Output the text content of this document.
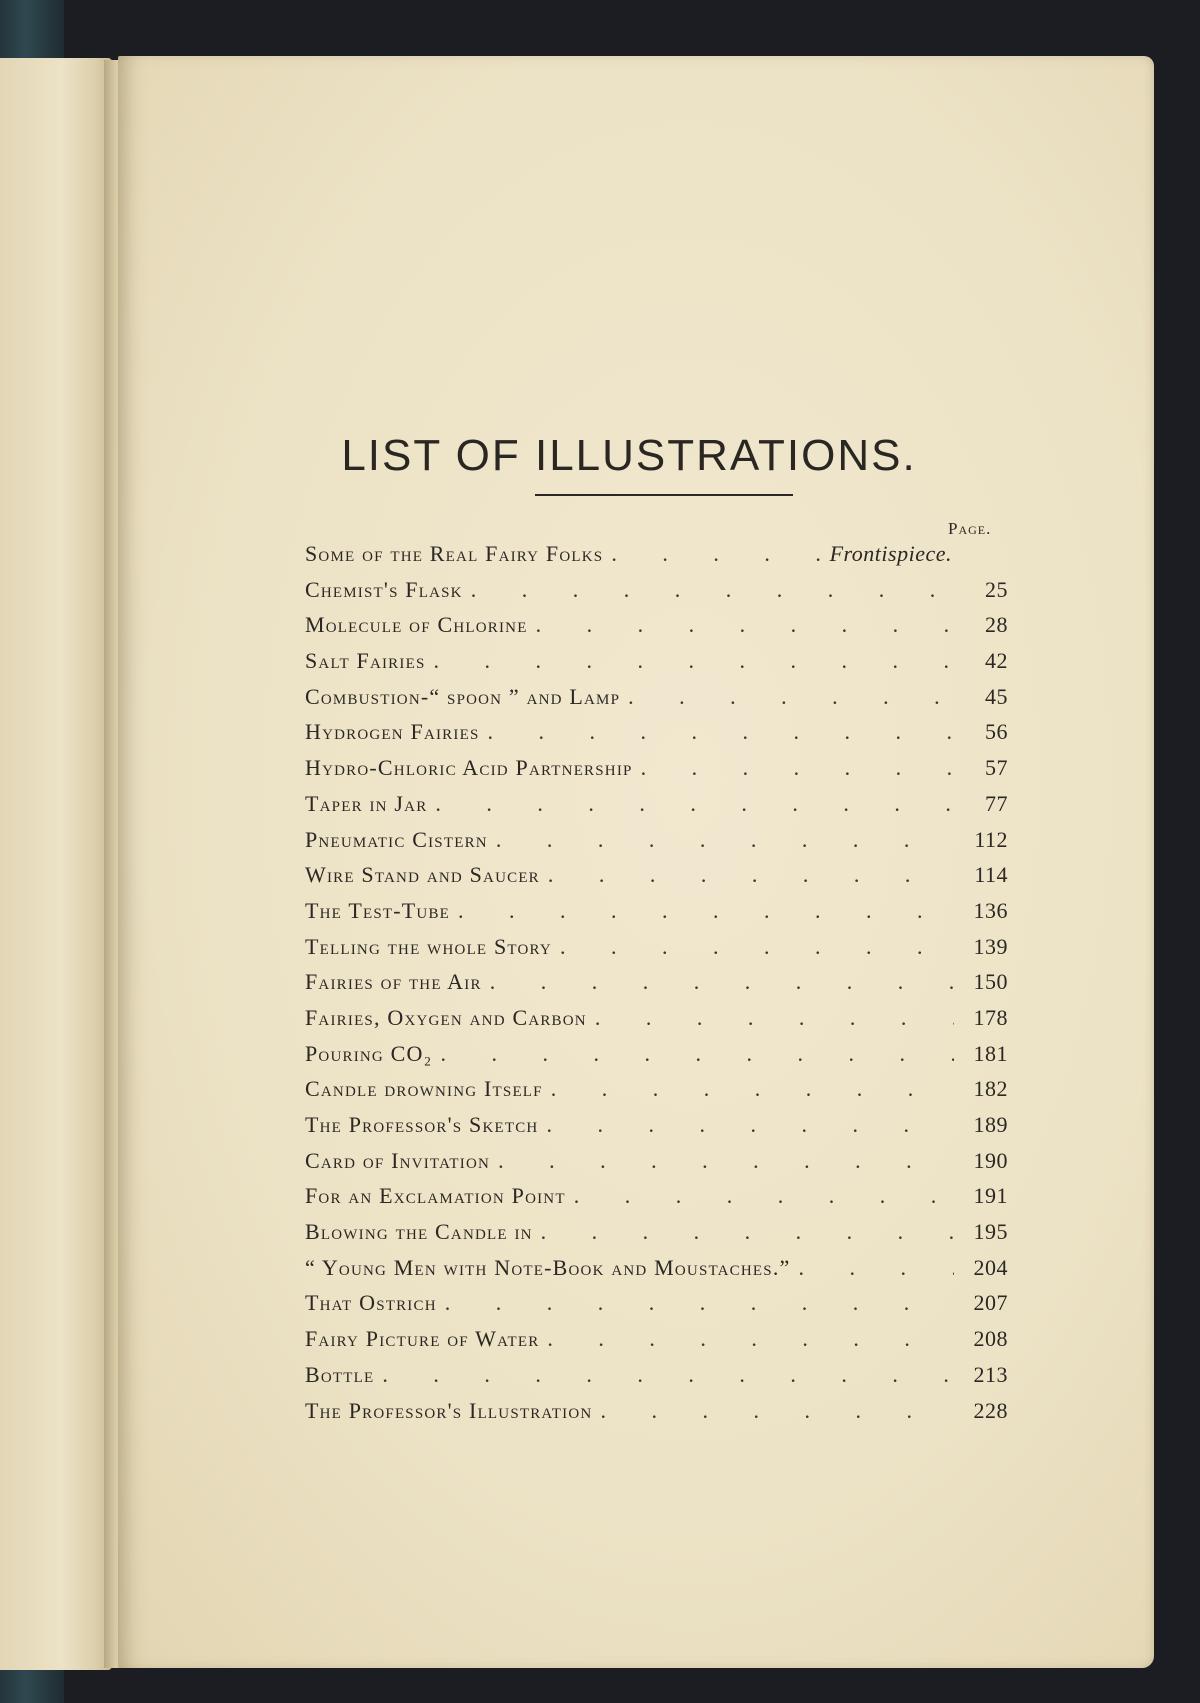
LIST OF ILLUSTRATIONS.
Page.
Some of the Real Fairy Folks . . .	Frontispiece.
Chemist's Flask . . .	25
Molecule of Chlorine . . .	28
Salt Fairies . . .	42
Combustion-“ spoon ” and Lamp . . .	45
Hydrogen Fairies . . .	56
Hydro-Chloric Acid Partnership . . .	57
Taper in Jar . . .	77
Pneumatic Cistern . . .	112
Wire Stand and Saucer . . .	114
The Test-Tube . . .	136
Telling the whole Story . . .	139
Fairies of the Air . . .	150
Fairies, Oxygen and Carbon . . .	178
Pouring CO₂ . . .	181
Candle drowning Itself . . .	182
The Professor's Sketch . . .	189
Card of Invitation . . .	190
For an Exclamation Point . . .	191
Blowing the Candle in . . .	195
“ Young Men with Note-Book and Moustaches.” . . .	204
That Ostrich . . .	207
Fairy Picture of Water . . .	208
Bottle . . .	213
The Professor's Illustration . . .	228
